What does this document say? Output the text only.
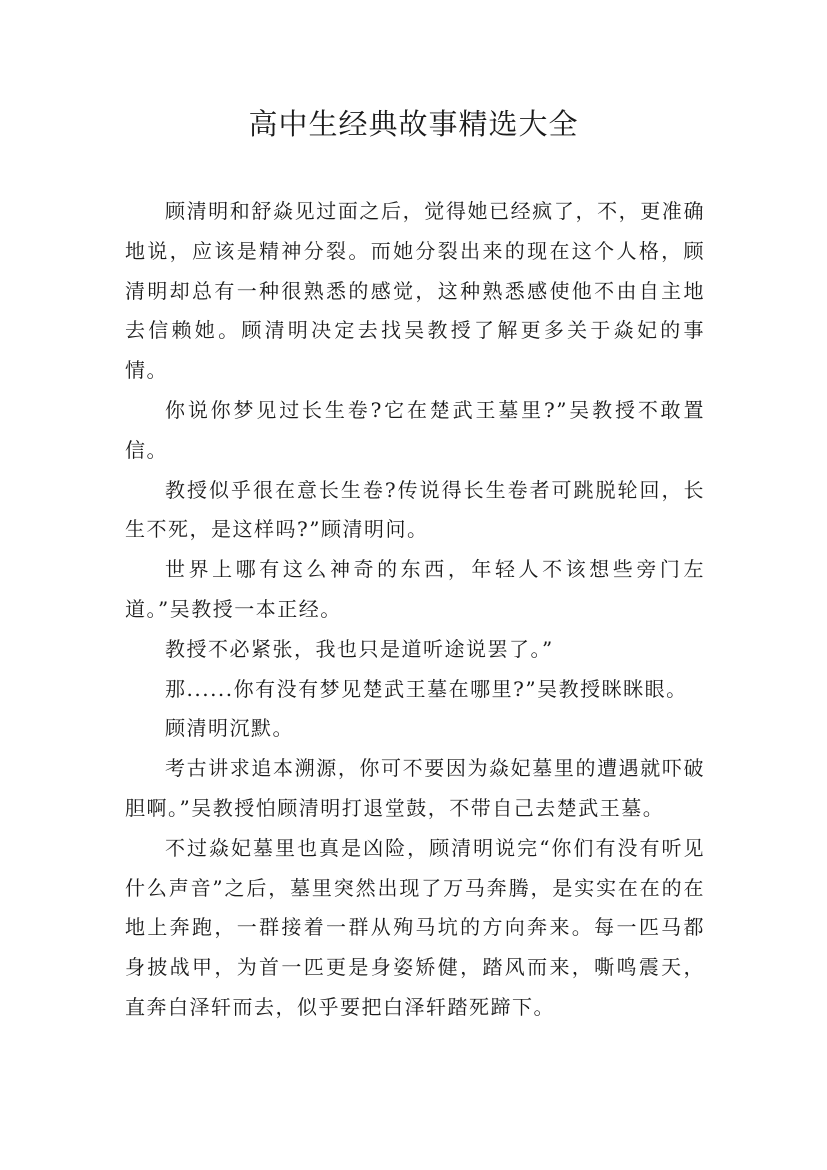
高中生经典故事精选大全

顾清明和舒焱见过面之后，觉得她已经疯了，不，更准确地说，应该是精神分裂。而她分裂出来的现在这个人格，顾清明却总有一种很熟悉的感觉，这种熟悉感使他不由自主地去信赖她。顾清明决定去找吴教授了解更多关于焱妃的事情。

你说你梦见过长生卷?它在楚武王墓里?”吴教授不敢置信。

教授似乎很在意长生卷?传说得长生卷者可跳脱轮回，长生不死，是这样吗?”顾清明问。

世界上哪有这么神奇的东西，年轻人不该想些旁门左道。”吴教授一本正经。

教授不必紧张，我也只是道听途说罢了。”

那......你有没有梦见楚武王墓在哪里?”吴教授眯眯眼。

顾清明沉默。

考古讲求追本溯源，你可不要因为焱妃墓里的遭遇就吓破胆啊。”吴教授怕顾清明打退堂鼓，不带自己去楚武王墓。

不过焱妃墓里也真是凶险，顾清明说完“你们有没有听见什么声音”之后，墓里突然出现了万马奔腾，是实实在在的在地上奔跑，一群接着一群从殉马坑的方向奔来。每一匹马都身披战甲，为首一匹更是身姿矫健，踏风而来，嘶鸣震天，直奔白泽轩而去，似乎要把白泽轩踏死蹄下。
